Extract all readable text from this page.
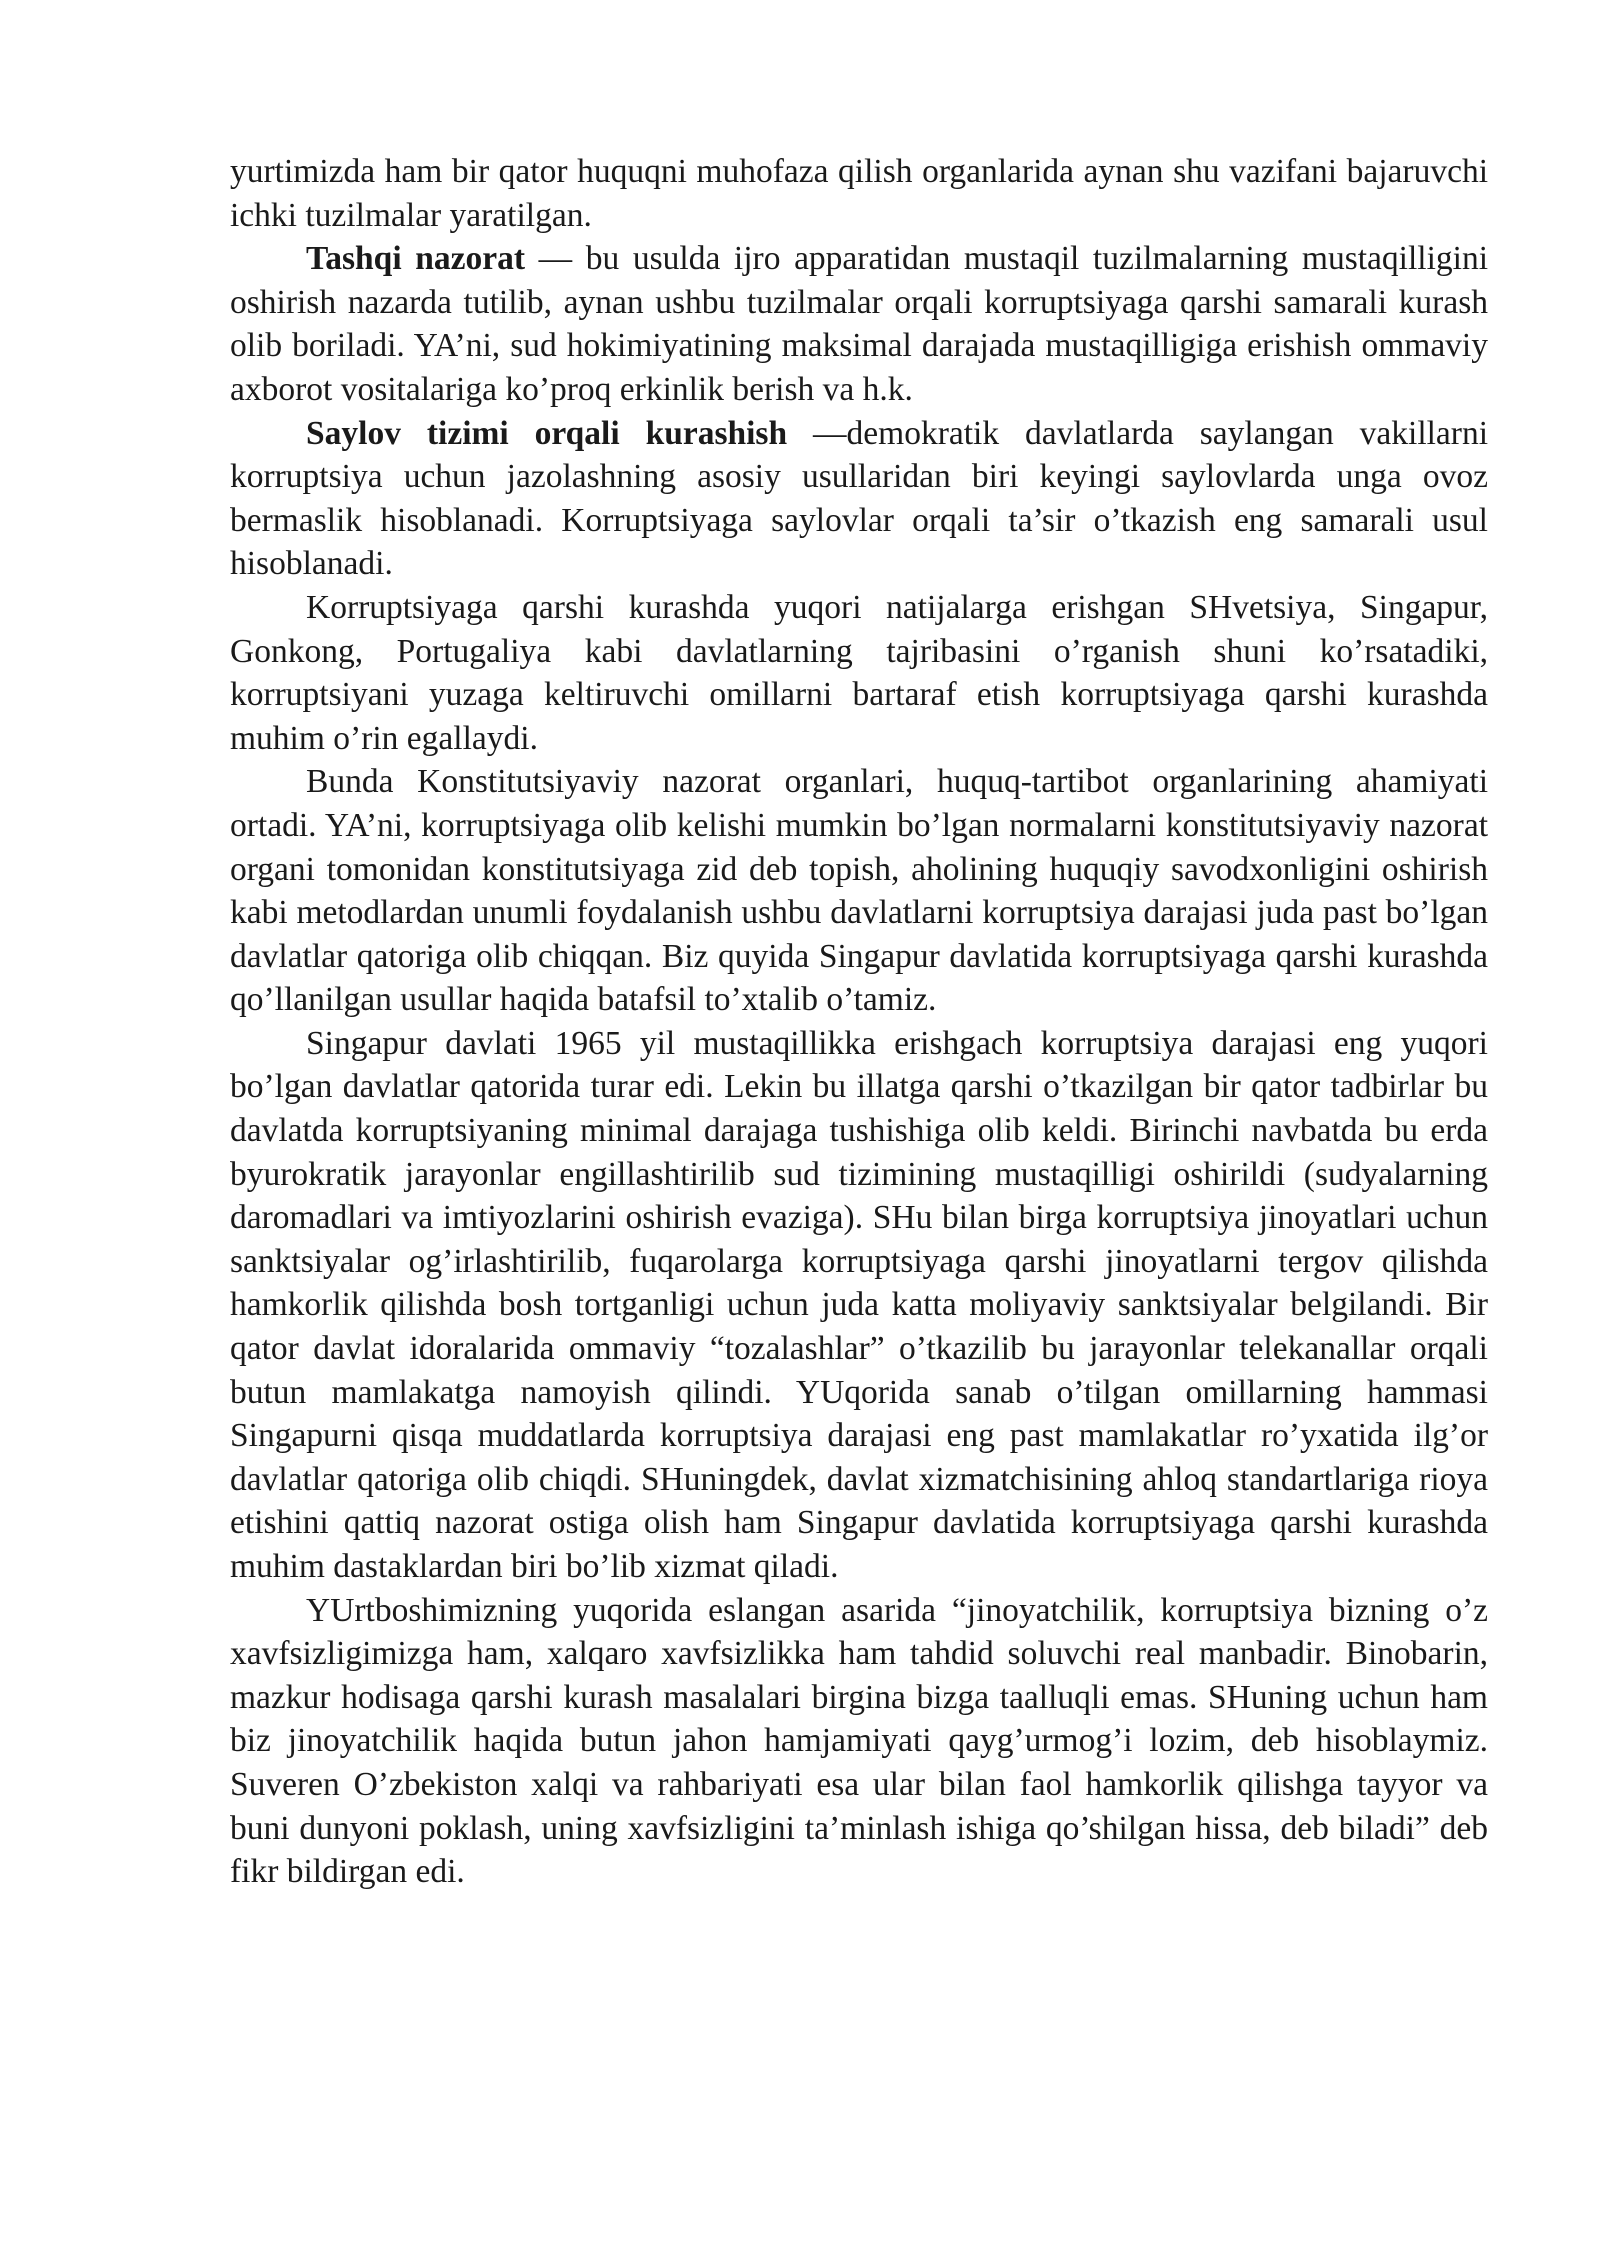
yurtimizda ham bir qator huquqni muhofaza qilish organlarida aynan shu vazifani bajaruvchi ichki tuzilmalar yaratilgan.

Tashqi nazorat — bu usulda ijro apparatidan mustaqil tuzilmalarning mustaqilligini oshirish nazarda tutilib, aynan ushbu tuzilmalar orqali korruptsiyaga qarshi samarali kurash olib boriladi. YA’ni, sud hokimiyatining maksimal darajada mustaqilligiga erishish ommaviy axborot vositalariga ko’proq erkinlik berish va h.k.

Saylov tizimi orqali kurashish —demokratik davlatlarda saylangan vakillarni korruptsiya uchun jazolashning asosiy usullaridan biri keyingi saylovlarda unga ovoz bermaslik hisoblanadi. Korruptsiyaga saylovlar orqali ta’sir o’tkazish eng samarali usul hisoblanadi.

Korruptsiyaga qarshi kurashda yuqori natijalarga erishgan SHvetsiya, Singapur, Gonkong, Portugaliya kabi davlatlarning tajribasini o’rganish shuni ko’rsatadiki, korruptsiyani yuzaga keltiruvchi omillarni bartaraf etish korruptsiyaga qarshi kurashda muhim o’rin egallaydi.

Bunda Konstitutsiyaviy nazorat organlari, huquq-tartibot organlarining ahamiyati ortadi. YA’ni, korruptsiyaga olib kelishi mumkin bo’lgan normalarni konstitutsiyaviy nazorat organi tomonidan konstitutsiyaga zid deb topish, aholining huquqiy savodxonligini oshirish kabi metodlardan unumli foydalanish ushbu davlatlarni korruptsiya darajasi juda past bo’lgan davlatlar qatoriga olib chiqqan. Biz quyida Singapur davlatida korruptsiyaga qarshi kurashda qo’llanilgan usullar haqida batafsil to’xtalib o’tamiz.

Singapur davlati 1965 yil mustaqillikka erishgach korruptsiya darajasi eng yuqori bo’lgan davlatlar qatorida turar edi. Lekin bu illatga qarshi o’tkazilgan bir qator tadbirlar bu davlatda korruptsiyaning minimal darajaga tushishiga olib keldi. Birinchi navbatda bu erda byurokratik jarayonlar engillashtirilib sud tizimining mustaqilligi oshirildi (sudyalarning daromadlari va imtiyozlarini oshirish evaziga). SHu bilan birga korruptsiya jinoyatlari uchun sanktsiyalar og’irlashtirilib, fuqarolarga korruptsiyaga qarshi jinoyatlarni tergov qilishda hamkorlik qilishda bosh tortganligi uchun juda katta moliyaviy sanktsiyalar belgilandi. Bir qator davlat idoralarida ommaviy “tozalashlar” o’tkazilib bu jarayonlar telekanallar orqali butun mamlakatga namoyish qilindi. YUqorida sanab o’tilgan omillarning hammasi Singapurni qisqa muddatlarda korruptsiya darajasi eng past mamlakatlar ro’yxatida ilg’or davlatlar qatoriga olib chiqdi. SHuningdek, davlat xizmatchisining ahloq standartlariga rioya etishini qattiq nazorat ostiga olish ham Singapur davlatida korruptsiyaga qarshi kurashda muhim dastaklardan biri bo’lib xizmat qiladi.

YUrtboshimizning yuqorida eslangan asarida “jinoyatchilik, korruptsiya bizning o’z xavfsizligimizga ham, xalqaro xavfsizlikka ham tahdid soluvchi real manbadir. Binobarin, mazkur hodisaga qarshi kurash masalalari birgina bizga taalluqli emas. SHuning uchun ham biz jinoyatchilik haqida butun jahon hamjamiyati qayg’urmog’i lozim, deb hisoblaymiz. Suveren O’zbekiston xalqi va rahbariyati esa ular bilan faol hamkorlik qilishga tayyor va buni dunyoni poklash, uning xavfsizligini ta’minlash ishiga qo’shilgan hissa, deb biladi” deb fikr bildirgan edi.
